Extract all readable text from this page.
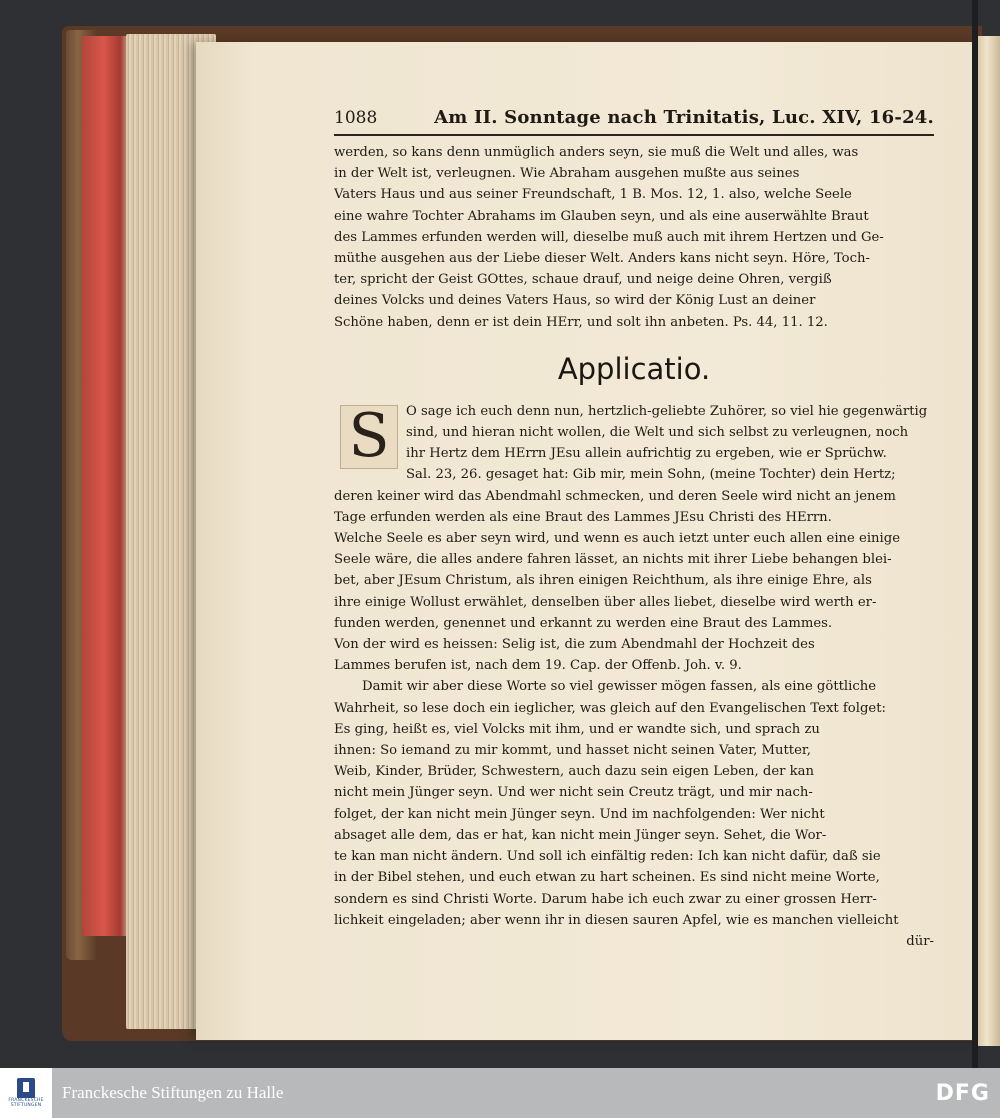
1088	Am II. Sonntage nach Trinitatis, Luc. XIV, 16-24.

werden, so kans denn unmüglich anders seyn, sie muß die Welt und alles, was
in der Welt ist, verleugnen. Wie Abraham ausgehen mußte aus seines
Vaters Haus und aus seiner Freundschaft, 1 B. Mos. 12, 1. also, welche Seele
eine wahre Tochter Abrahams im Glauben seyn, und als eine auserwählte Braut
des Lammes erfunden werden will, dieselbe muß auch mit ihrem Hertzen und Ge-
müthe ausgehen aus der Liebe dieser Welt. Anders kans nicht seyn. Höre, Toch-
ter, spricht der Geist GOttes, schaue drauf, und neige deine Ohren, vergiß
deines Volcks und deines Vaters Haus, so wird der König Lust an deiner
Schöne haben, denn er ist dein HErr, und solt ihn anbeten. Ps. 44, 11. 12.

Applicatio.
S	O sage ich euch denn nun, hertzlich-geliebte Zuhörer, so viel hie gegenwärtig
sind, und hieran nicht wollen, die Welt und sich selbst zu verleugnen, noch
ihr Hertz dem HErrn JEsu allein aufrichtig zu ergeben, wie er Sprüchw.
Sal. 23, 26. gesaget hat: Gib mir, mein Sohn, (meine Tochter) dein Hertz;
deren keiner wird das Abendmahl schmecken, und deren Seele wird nicht an jenem
Tage erfunden werden als eine Braut des Lammes JEsu Christi des HErrn.
Welche Seele es aber seyn wird, und wenn es auch ietzt unter euch allen eine einige
Seele wäre, die alles andere fahren lässet, an nichts mit ihrer Liebe behangen blei-
bet, aber JEsum Christum, als ihren einigen Reichthum, als ihre einige Ehre, als
ihre einige Wollust erwählet, denselben über alles liebet, dieselbe wird werth er-
funden werden, genennet und erkannt zu werden eine Braut des Lammes.
Von der wird es heissen: Selig ist, die zum Abendmahl der Hochzeit des
Lammes berufen ist, nach dem 19. Cap. der Offenb. Joh. v. 9.

Damit wir aber diese Worte so viel gewisser mögen fassen, als eine göttliche
Wahrheit, so lese doch ein ieglicher, was gleich auf den Evangelischen Text folget:
Es ging, heißt es, viel Volcks mit ihm, und er wandte sich, und sprach zu
ihnen: So iemand zu mir kommt, und hasset nicht seinen Vater, Mutter,
Weib, Kinder, Brüder, Schwestern, auch dazu sein eigen Leben, der kan
nicht mein Jünger seyn. Und wer nicht sein Creutz trägt, und mir nach-
folget, der kan nicht mein Jünger seyn. Und im nachfolgenden: Wer nicht
absaget alle dem, das er hat, kan nicht mein Jünger seyn. Sehet, die Wor-
te kan man nicht ändern. Und soll ich einfältig reden: Ich kan nicht dafür, daß sie
in der Bibel stehen, und euch etwan zu hart scheinen. Es sind nicht meine Worte,
sondern es sind Christi Worte. Darum habe ich euch zwar zu einer grossen Herr-
lichkeit eingeladen; aber wenn ihr in diesen sauren Apfel, wie es manchen vielleicht
dür-

FRANCKESCHE STIFTUNGEN
Franckesche Stiftungen zu Halle	DFG
